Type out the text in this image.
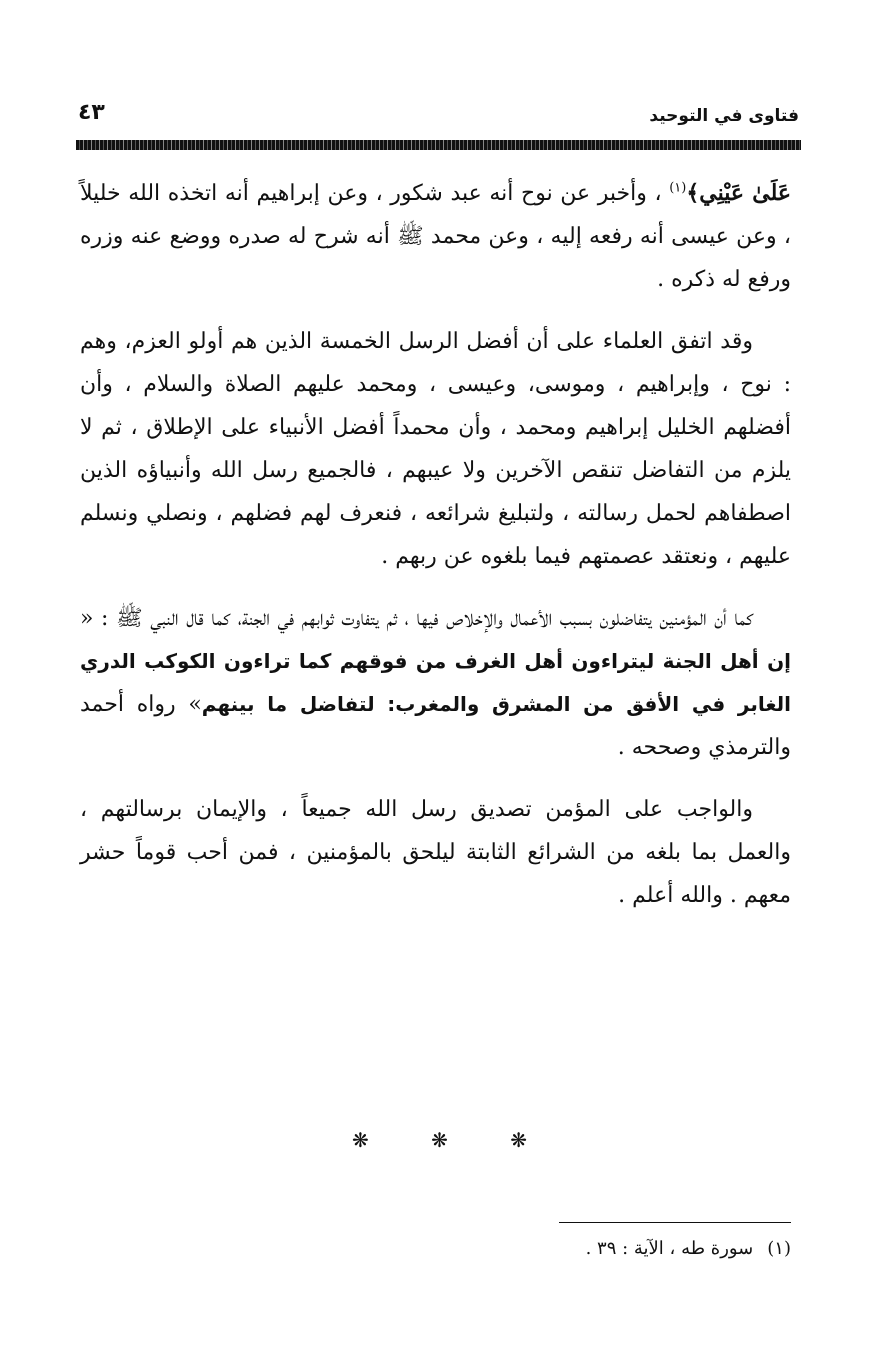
فتاوى في التوحيد
٤٣

عَلَىٰ عَيْنِي﴾$^{(١)}$ ، وأخبر عن نوح أنه عبد شكور ، وعن إبراهيم أنه اتخذه الله خليلاً ، وعن عيسى أنه رفعه إليه ، وعن محمد ﷺ أنه شرح له صدره ووضع عنه وزره ورفع له ذكره .

وقد اتفق العلماء على أن أفضل الرسل الخمسة الذين هم أولو العزم، وهم : نوح ، وإبراهيم ، وموسى، وعيسى ، ومحمد عليهم الصلاة والسلام ، وأن أفضلهم الخليل إبراهيم ومحمد ، وأن محمداً أفضل الأنبياء على الإطلاق ، ثم لا يلزم من التفاضل تنقص الآخرين ولا عيبهم ، فالجميع رسل الله وأنبياؤه الذين اصطفاهم لحمل رسالته ، ولتبليغ شرائعه ، فنعرف لهم فضلهم ، ونصلي ونسلم عليهم ، ونعتقد عصمتهم فيما بلغوه عن ربهم .

كما أن المؤمنين يتفاضلون بسبب الأعمال والإخلاص فيها ، ثم يتفاوت ثوابهم في الجنة، كما قال النبي ﷺ : « إن أهل الجنة ليتراءون أهل الغرف من فوقهم كما تراءون الكوكب الدري الغابر في الأفق من المشرق والمغرب: لتفاضل ما بينهم» رواه أحمد والترمذي وصححه .

والواجب على المؤمن تصديق رسل الله جميعاً ، والإيمان برسالتهم ، والعمل بما بلغه من الشرائع الثابتة ليلحق بالمؤمنين ، فمن أحب قوماً حشر معهم . والله أعلم .

❋ ❋ ❋
(١)سورة طه ، الآية : ٣٩ .
